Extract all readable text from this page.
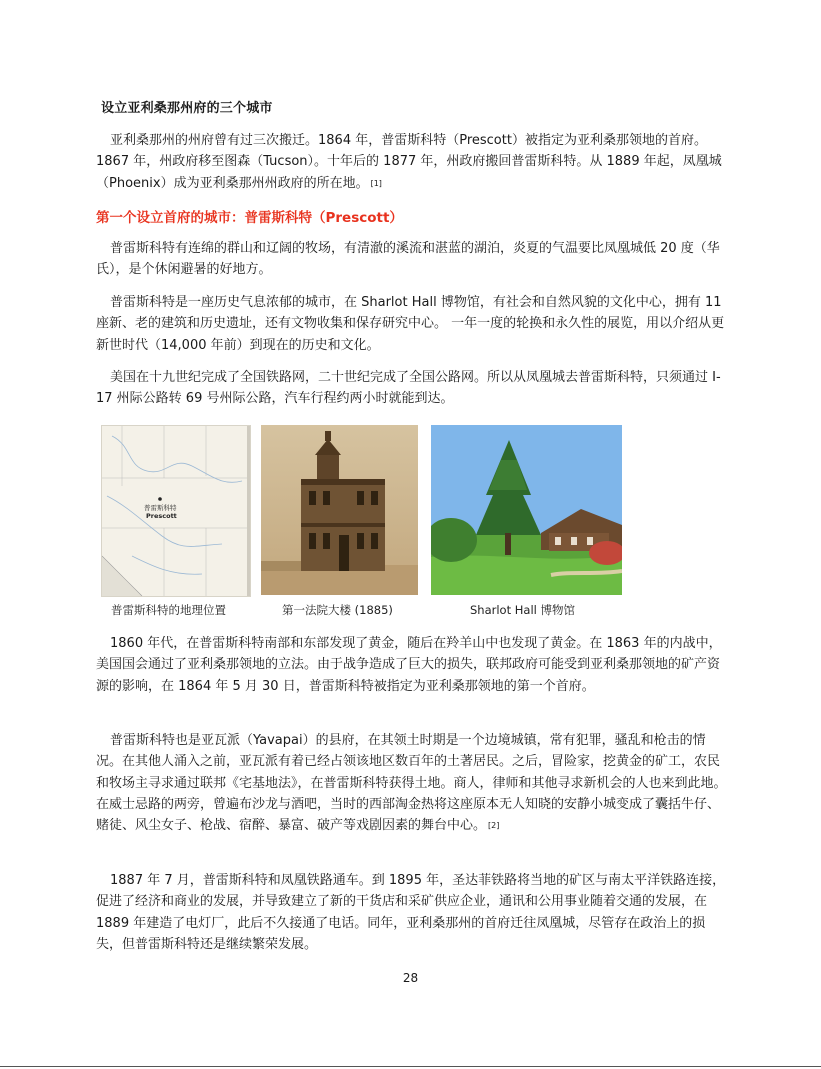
设立亚利桑那州府的三个城市

亚利桑那州的州府曾有过三次搬迁。1864 年，普雷斯科特（Prescott）被指定为亚利桑那领地的首府。1867 年，州政府移至图森（Tucson）。十年后的 1877 年，州政府搬回普雷斯科特。从 1889 年起，凤凰城（Phoenix）成为亚利桑那州州政府的所在地。 [1]

第一个设立首府的城市：普雷斯科特（Prescott）

普雷斯科特有连绵的群山和辽阔的牧场，有清澈的溪流和湛蓝的湖泊，炎夏的气温要比凤凰城低 20 度（华氏），是个休闲避暑的好地方。

普雷斯科特是一座历史气息浓郁的城市，在 Sharlot Hall 博物馆，有社会和自然风貌的文化中心，拥有 11 座新、老的建筑和历史遗址，还有文物收集和保存研究中心。 一年一度的轮换和永久性的展览，用以介绍从更新世时代（14,000 年前）到现在的历史和文化。

美国在十九世纪完成了全国铁路网，二十世纪完成了全国公路网。所以从凤凰城去普雷斯科特，只须通过 I-17 州际公路转 69 号州际公路，汽车行程约两小时就能到达。

普雷斯科特
Prescott
普雷斯科特的地理位置	第一法院大楼 (1885)	Sharlot Hall 博物馆

1860 年代，在普雷斯科特南部和东部发现了黄金，随后在羚羊山中也发现了黄金。在 1863 年的内战中，美国国会通过了亚利桑那领地的立法。由于战争造成了巨大的损失，联邦政府可能受到亚利桑那领地的矿产资源的影响，在 1864 年 5 月 30 日，普雷斯科特被指定为亚利桑那领地的第一个首府。

普雷斯科特也是亚瓦派（Yavapai）的县府，在其领土时期是一个边境城镇，常有犯罪，骚乱和枪击的情况。在其他人涌入之前，亚瓦派有着已经占领该地区数百年的土著居民。之后，冒险家，挖黄金的矿工，农民和牧场主寻求通过联邦《宅基地法》，在普雷斯科特获得土地。商人，律师和其他寻求新机会的人也来到此地。在威士忌路的两旁，曾遍布沙龙与酒吧，当时的西部淘金热将这座原本无人知晓的安静小城变成了囊括牛仔、赌徒、风尘女子、枪战、宿醉、暴富、破产等戏剧因素的舞台中心。 [2]

1887 年 7 月，普雷斯科特和凤凰铁路通车。到 1895 年，圣达菲铁路将当地的矿区与南太平洋铁路连接，促进了经济和商业的发展，并导致建立了新的干货店和采矿供应企业，通讯和公用事业随着交通的发展，在 1889 年建造了电灯厂，此后不久接通了电话。同年，亚利桑那州的首府迁往凤凰城，尽管存在政治上的损失，但普雷斯科特还是继续繁荣发展。

28
